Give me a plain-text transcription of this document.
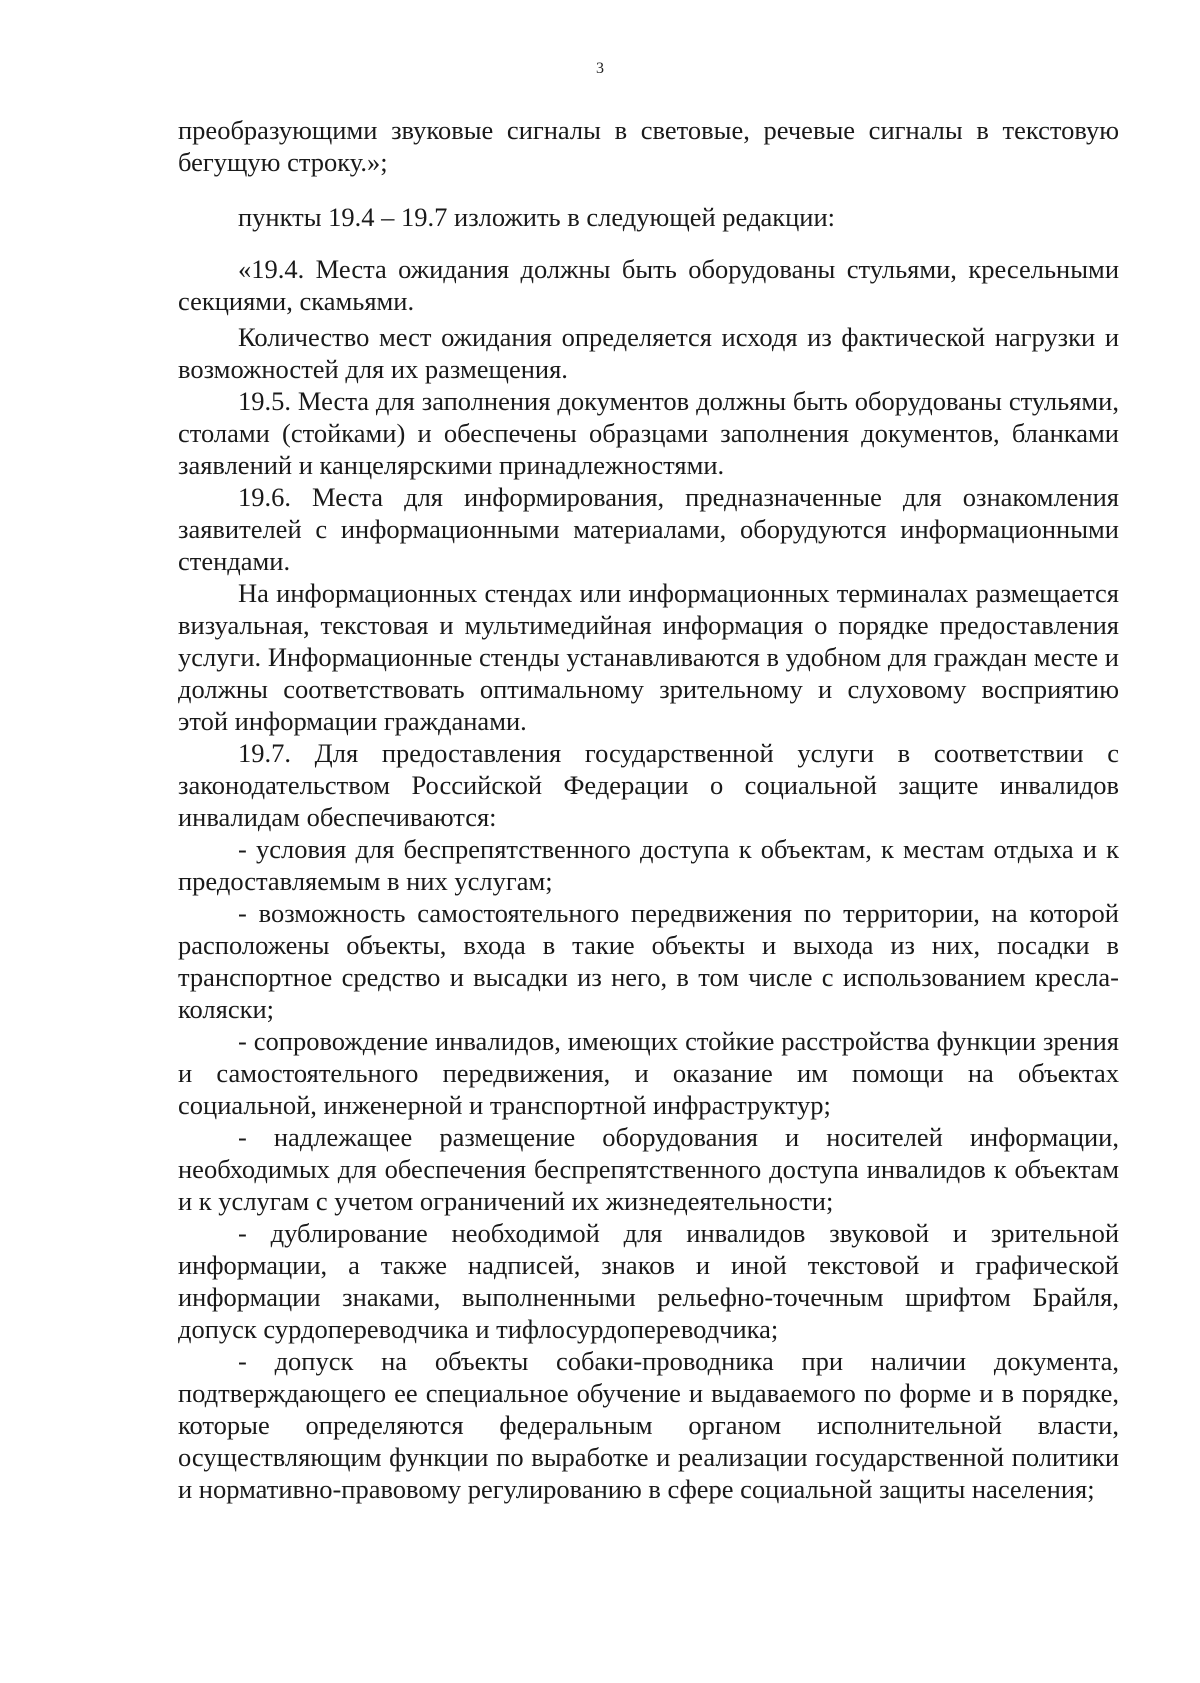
3

преобразующими звуковые сигналы в световые, речевые сигналы в текстовую бегущую строку.»;

пункты 19.4 – 19.7 изложить в следующей редакции:

«19.4. Места ожидания должны быть оборудованы стульями, кресельными секциями, скамьями.

Количество мест ожидания определяется исходя из фактической нагрузки и возможностей для их размещения.

19.5. Места для заполнения документов должны быть оборудованы стульями, столами (стойками) и обеспечены образцами заполнения документов, бланками заявлений и канцелярскими принадлежностями.

19.6. Места для информирования, предназначенные для ознакомления заявителей с информационными материалами, оборудуются информационными стендами.

На информационных стендах или информационных терминалах размещается визуальная, текстовая и мультимедийная информация о порядке предоставления услуги. Информационные стенды устанавливаются в удобном для граждан месте и должны соответствовать оптимальному зрительному и слуховому восприятию этой информации гражданами.

19.7. Для предоставления государственной услуги в соответствии с законодательством Российской Федерации о социальной защите инвалидов инвалидам обеспечиваются:

- условия для беспрепятственного доступа к объектам, к местам отдыха и к предоставляемым в них услугам;

- возможность самостоятельного передвижения по территории, на которой расположены объекты, входа в такие объекты и выхода из них, посадки в транспортное средство и высадки из него, в том числе с использованием кресла- коляски;

- сопровождение инвалидов, имеющих стойкие расстройства функции зрения и самостоятельного передвижения, и оказание им помощи на объектах социальной, инженерной и транспортной инфраструктур;

- надлежащее размещение оборудования и носителей информации, необходимых для обеспечения беспрепятственного доступа инвалидов к объектам и к услугам с учетом ограничений их жизнедеятельности;

- дублирование необходимой для инвалидов звуковой и зрительной информации, а также надписей, знаков и иной текстовой и графической информации знаками, выполненными рельефно-точечным шрифтом Брайля, допуск сурдопереводчика и тифлосурдопереводчика;

- допуск на объекты собаки-проводника при наличии документа, подтверждающего ее специальное обучение и выдаваемого по форме и в порядке, которые определяются федеральным органом исполнительной власти, осуществляющим функции по выработке и реализации государственной политики и нормативно-правовому регулированию в сфере социальной защиты населения;
